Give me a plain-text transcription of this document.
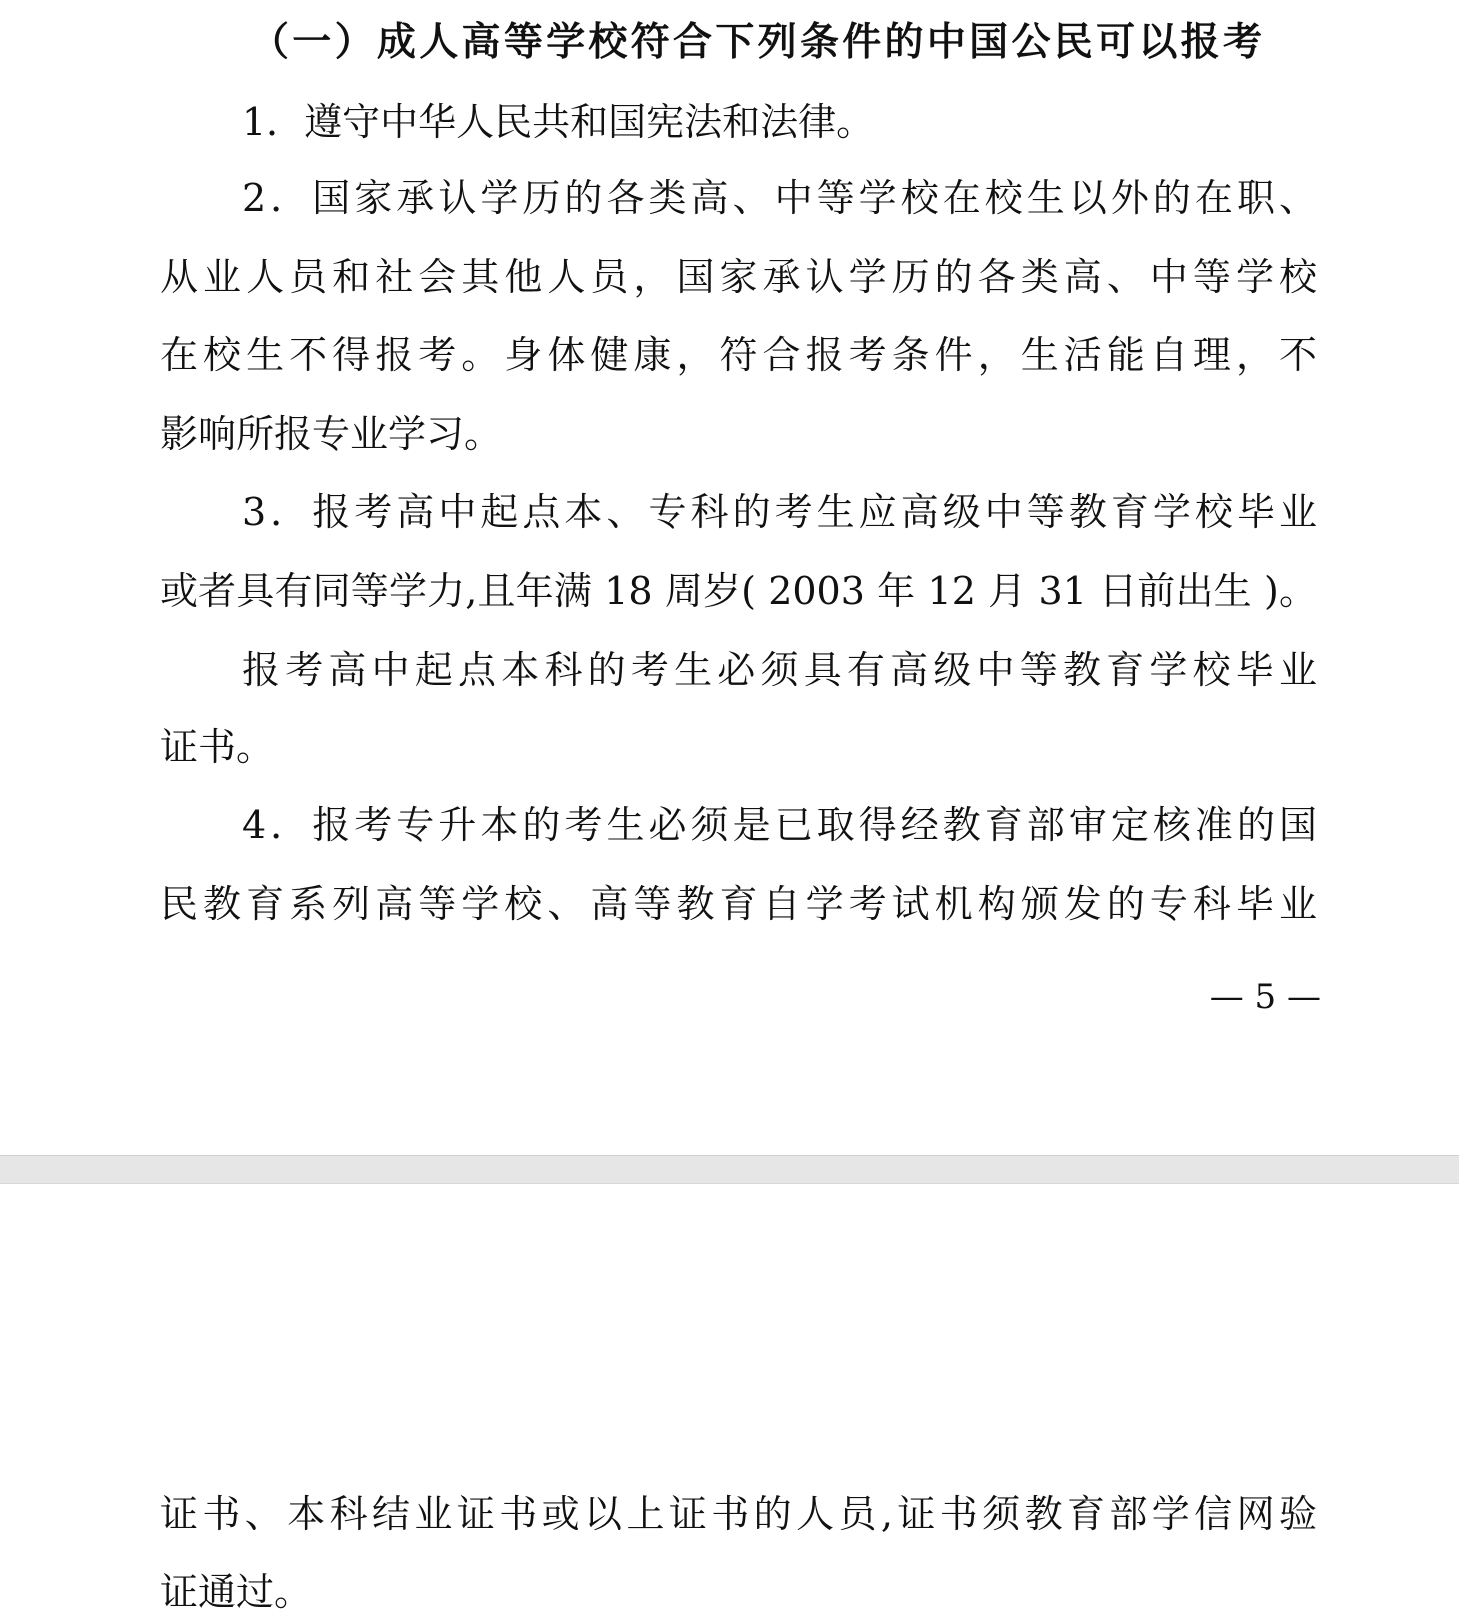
（一）成人高等学校符合下列条件的中国公民可以报考
1．遵守中华人民共和国宪法和法律。
2．国家承认学历的各类高、中等学校在校生以外的在职、
从业人员和社会其他人员，国家承认学历的各类高、中等学校
在校生不得报考。身体健康，符合报考条件，生活能自理，不
影响所报专业学习。
3．报考高中起点本、专科的考生应高级中等教育学校毕业
或者具有同等学力,且年满 18 周岁( 2003 年 12 月 31 日前出生 )。
报考高中起点本科的考生必须具有高级中等教育学校毕业
证书。
4．报考专升本的考生必须是已取得经教育部审定核准的国
民教育系列高等学校、高等教育自学考试机构颁发的专科毕业
— 5 —
证书、本科结业证书或以上证书的人员,证书须教育部学信网验
证通过。
